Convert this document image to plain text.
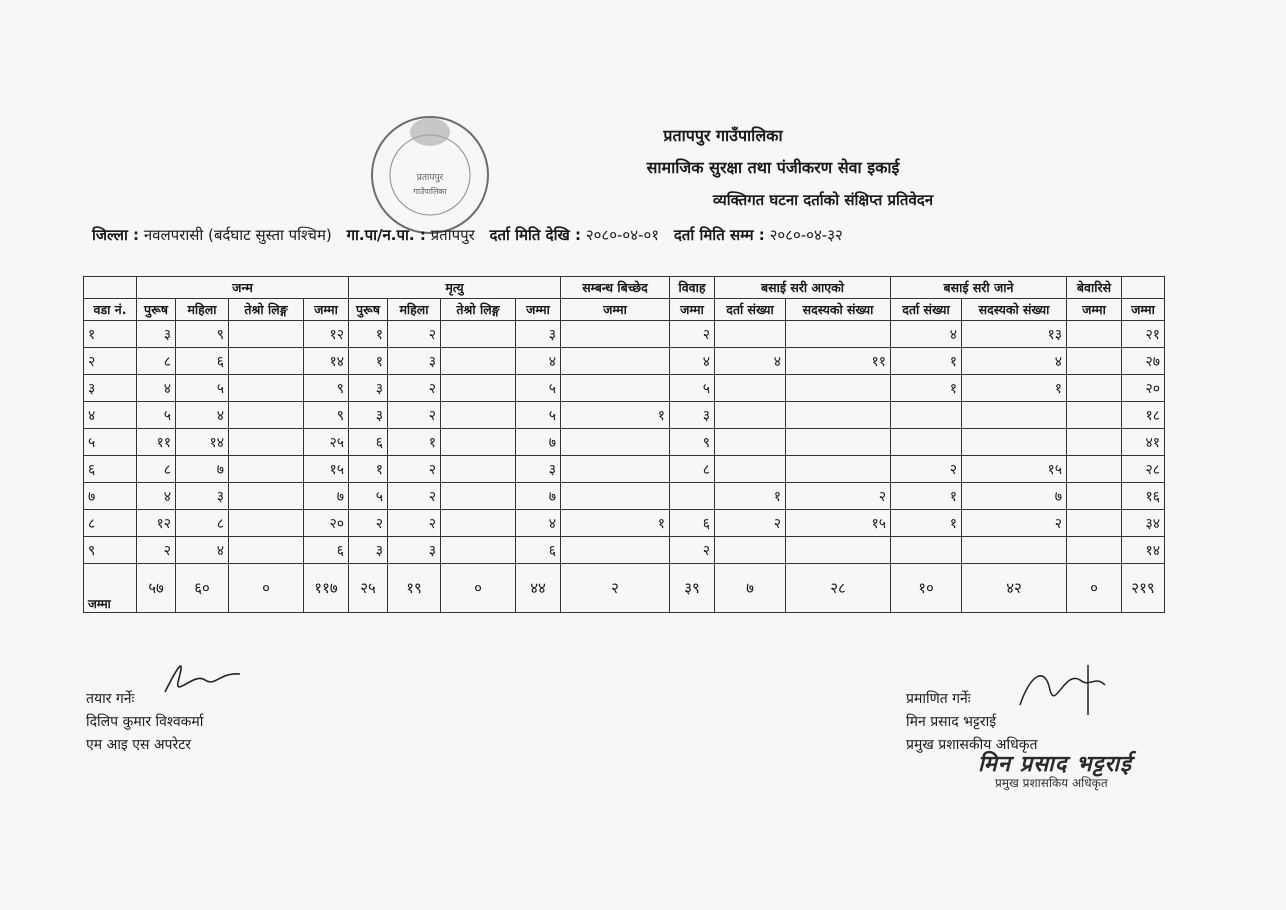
प्रतापपुर गाउँपालिका
सामाजिक सुरक्षा तथा पंजीकरण सेवा इकाई
व्यक्तिगत घटना दर्ताको संक्षिप्त प्रतिवेदन
प्रतापपुर
गाउँपालिका
जिल्ला : नवलपरासी (बर्दघाट सुस्ता पश्चिम) गा.पा/न.पा. : प्रतापपुर दर्ता मिति देखि : २०८०-०४-०१ दर्ता मिति सम्म : २०८०-०४-३२
	जन्म				मृत्यु				सम्बन्ध बिच्छेद	विवाह	बसाई सरी आएको		बसाई सरी जाने		बेवारिसे	
वडा नं.	पुरूष	महिला	तेश्रो लिङ्ग	जम्मा	पुरूष	महिला	तेश्रो लिङ्ग	जम्मा	जम्मा	जम्मा	दर्ता संख्या	सदस्यको संख्या	दर्ता संख्या	सदस्यको संख्या	जम्मा	जम्मा
१	३	९		१२	१	२		३		२			४	१३		२१
२	८	६		१४	१	३		४		४	४	११	१	४		२७
३	४	५		९	३	२		५		५			१	१		२०
४	५	४		९	३	२		५	१	३						१८
५	११	१४		२५	६	१		७		९						४१
६	८	७		१५	१	२		३		८			२	१५		२८
७	४	३		७	५	२		७			१	२	१	७		१६
८	१२	८		२०	२	२		४	१	६	२	१५	१	२		३४
९	२	४		६	३	३		६		२						१४
जम्मा	५७	६०	०	११७	२५	१९	०	४४	२	३९	७	२८	१०	४२	०	२१९
तयार गर्नेः
दिलिप कुमार विश्वकर्मा
एम आइ एस अपरेटर
प्रमाणित गर्नेः
मिन प्रसाद भट्टराई
प्रमुख प्रशासकीय अधिकृत
मिन प्रसाद भट्टराई
प्रमुख प्रशासकिय अधिकृत
